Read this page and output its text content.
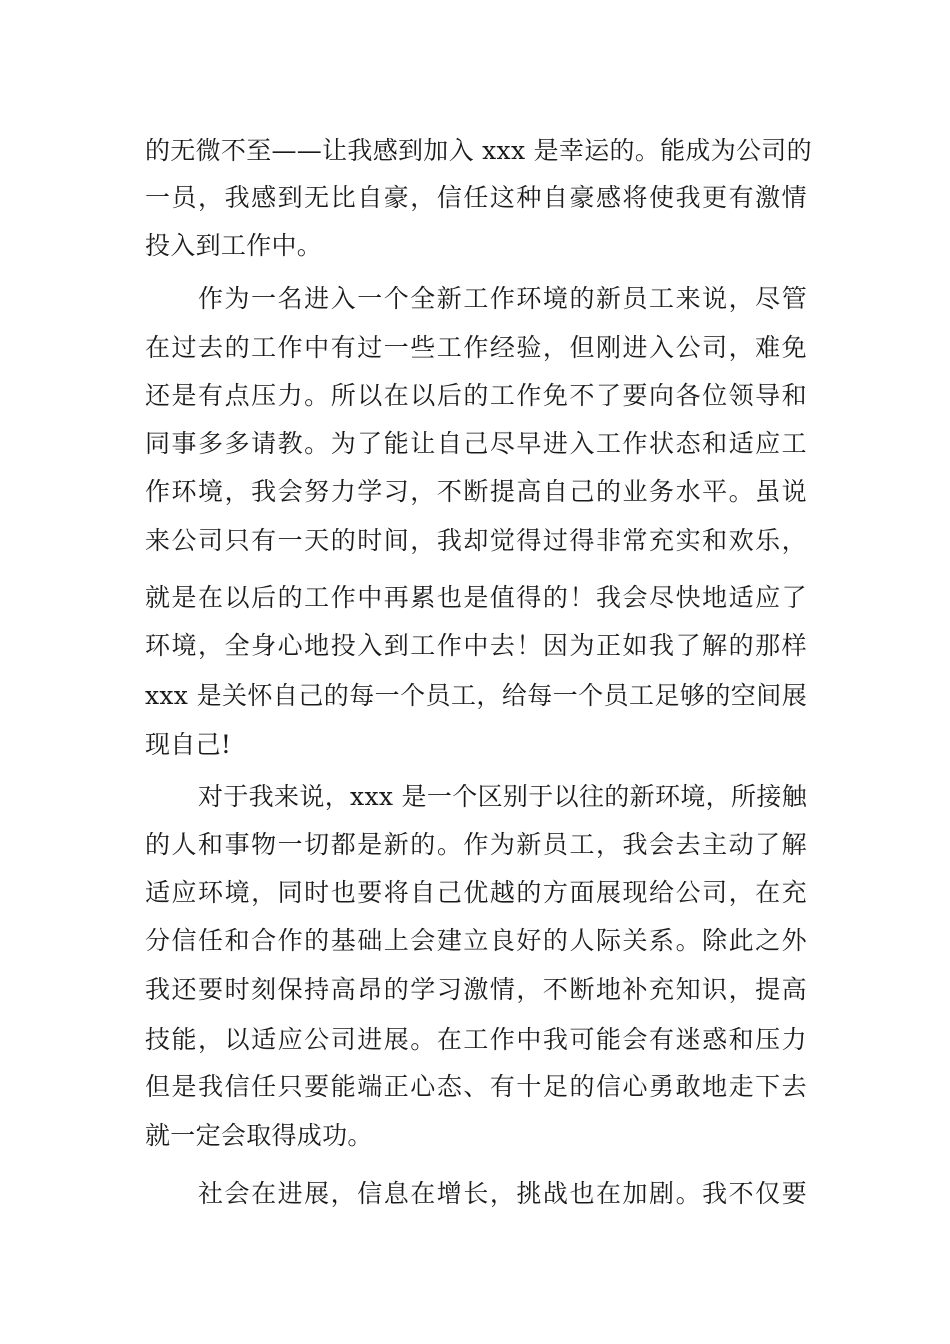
的无微不至——让我感到加入 xxx 是幸运的。能成为公司的
一员，我感到无比自豪，信任这种自豪感将使我更有激情
投入到工作中。
作为一名进入一个全新工作环境的新员工来说，尽管
在过去的工作中有过一些工作经验，但刚进入公司，难免
还是有点压力。所以在以后的工作免不了要向各位领导和
同事多多请教。为了能让自己尽早进入工作状态和适应工
作环境，我会努力学习，不断提高自己的业务水平。虽说
来公司只有一天的时间，我却觉得过得非常充实和欢乐，
就是在以后的工作中再累也是值得的！我会尽快地适应了
环境，全身心地投入到工作中去！因为正如我了解的那样
xxx 是关怀自己的每一个员工，给每一个员工足够的空间展
现自己!
对于我来说，xxx 是一个区别于以往的新环境，所接触
的人和事物一切都是新的。作为新员工，我会去主动了解
适应环境，同时也要将自己优越的方面展现给公司，在充
分信任和合作的基础上会建立良好的人际关系。除此之外
我还要时刻保持高昂的学习激情，不断地补充知识，提高
技能，以适应公司进展。在工作中我可能会有迷惑和压力
但是我信任只要能端正心态、有十足的信心勇敢地走下去
就一定会取得成功。
社会在进展，信息在增长，挑战也在加剧。我不仅要
